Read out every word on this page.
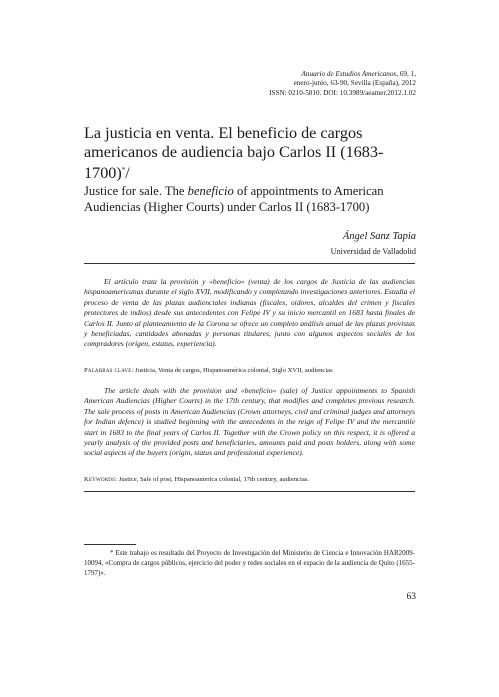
Anuario de Estudios Americanos, 69, 1,
enero-junio, 63-90, Sevilla (España), 2012
ISSN: 0210-5810. DOI: 10.3989/aeamer.2012.1.02
La justicia en venta. El beneficio de cargos americanos de audiencia bajo Carlos II (1683-1700)*/
Justice for sale. The beneficio of appointments to American Audiencias (Higher Courts) under Carlos II (1683-1700)
Ángel Sanz Tapia
Universidad de Valladolid

El artículo trata la provisión y «beneficio» (venta) de los cargos de Justicia de las audiencias hispanoamericanas durante el siglo XVII, modificando y completando investigaciones anteriores. Estudia el proceso de venta de las plazas audienciales indianas (fiscales, oidores, alcaldes del crimen y fiscales protectores de indios) desde sus antecedentes con Felipe IV y su inicio mercantil en 1683 hasta finales de Carlos II. Junto al planteamiento de la Corona se ofrece un completo análisis anual de las plazas provistas y beneficiadas, cantidades abonadas y personas titulares, junto con algunos aspectos sociales de los compradores (origen, estatus, experiencia).

Palabras clave: Justicia, Venta de cargos, Hispanoamérica colonial, Siglo XVII, audiencias

The article deals with the provision and «beneficio» (sale) of Justice appointments to Spanish American Audiencias (Higher Courts) in the 17th century, that modifies and completes previous research. The sale process of posts in American Audiencias (Crown attorneys, civil and criminal judges and attorneys for Indian defence) is studied beginning with the antecedents in the reign of Felipe IV and the mercantile start in 1683 to the final years of Carlos II. Together with the Crown policy on this respect, it is offered a yearly analysis of the provided posts and beneficiaries, amounts paid and posts holders, along with some social aspects of the buyers (origin, status and professional experience).

Keywords: Justice, Sale of post, Hispanoamerica colonial, 17th century, audiencias.

* Este trabajo es resultado del Proyecto de Investigación del Ministerio de Ciencia e Innovación HAR2009-10094, «Compra de cargos públicos, ejercicio del poder y redes sociales en el espacio de la audiencia de Quito (1655-1797)».

63
